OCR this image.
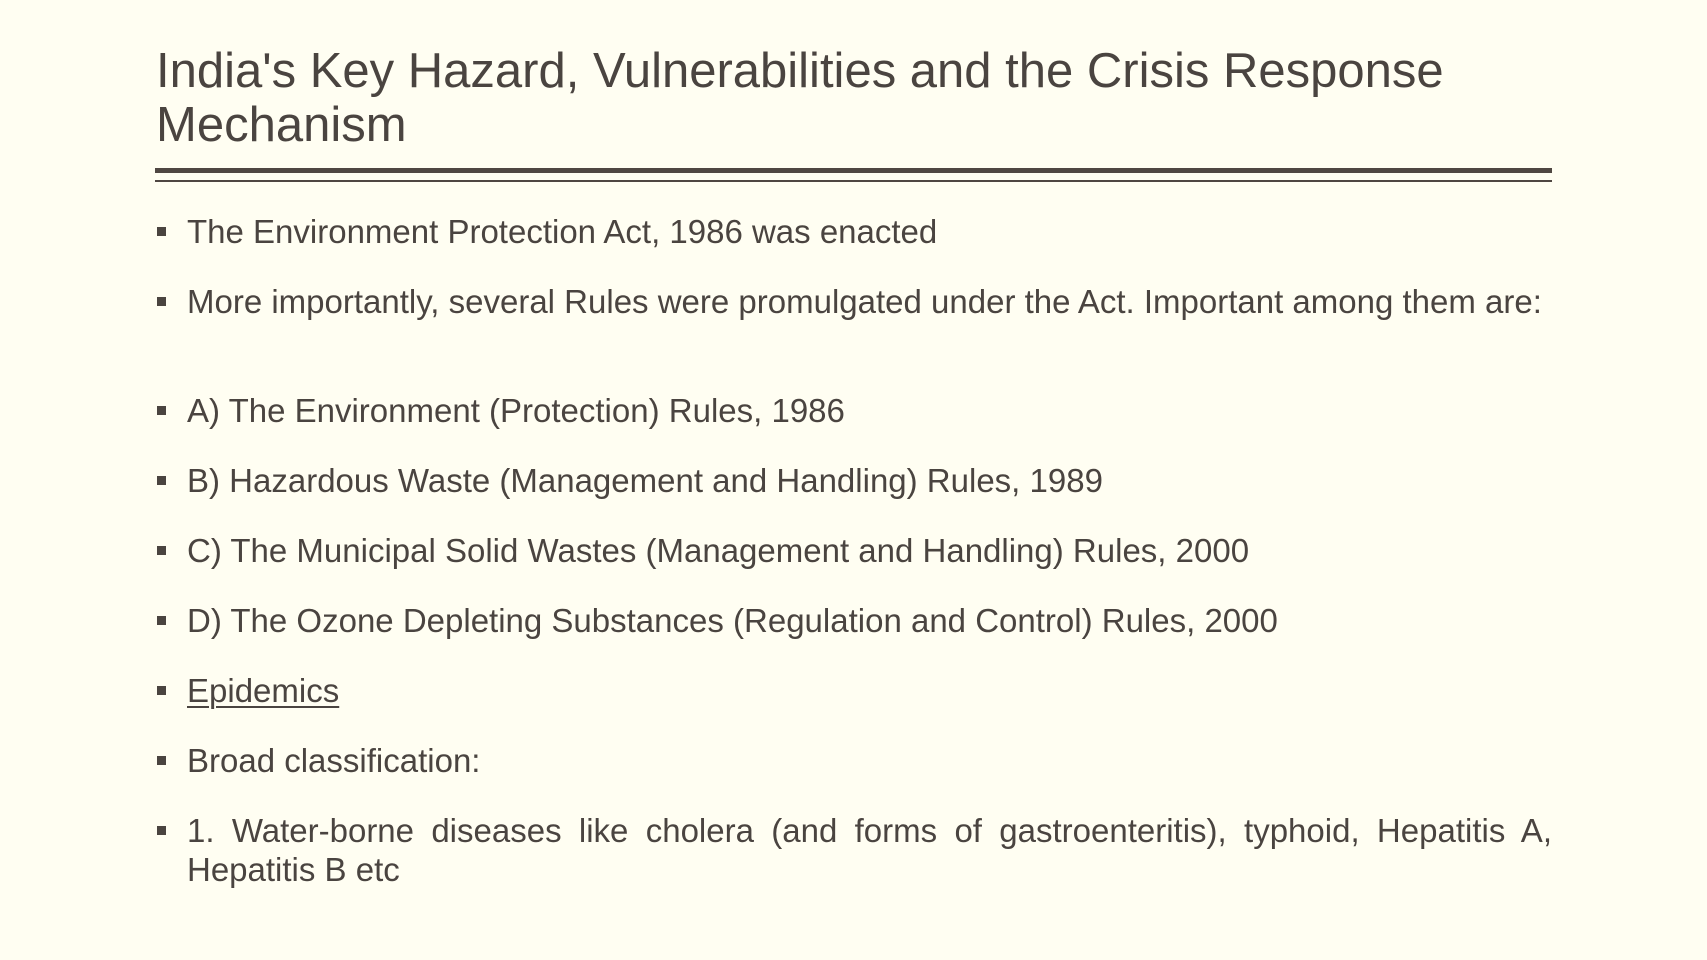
India's Key Hazard, Vulnerabilities and the Crisis Response Mechanism
The Environment Protection Act, 1986 was enacted
More importantly, several Rules were promulgated under the Act. Important among them are:
A) The Environment (Protection) Rules, 1986
B) Hazardous Waste (Management and Handling) Rules, 1989
C) The Municipal Solid Wastes (Management and Handling) Rules, 2000
D) The Ozone Depleting Substances (Regulation and Control) Rules, 2000
Epidemics
Broad classification:
1. Water-borne diseases like cholera (and forms of gastroenteritis), typhoid, Hepatitis A, Hepatitis B etc
